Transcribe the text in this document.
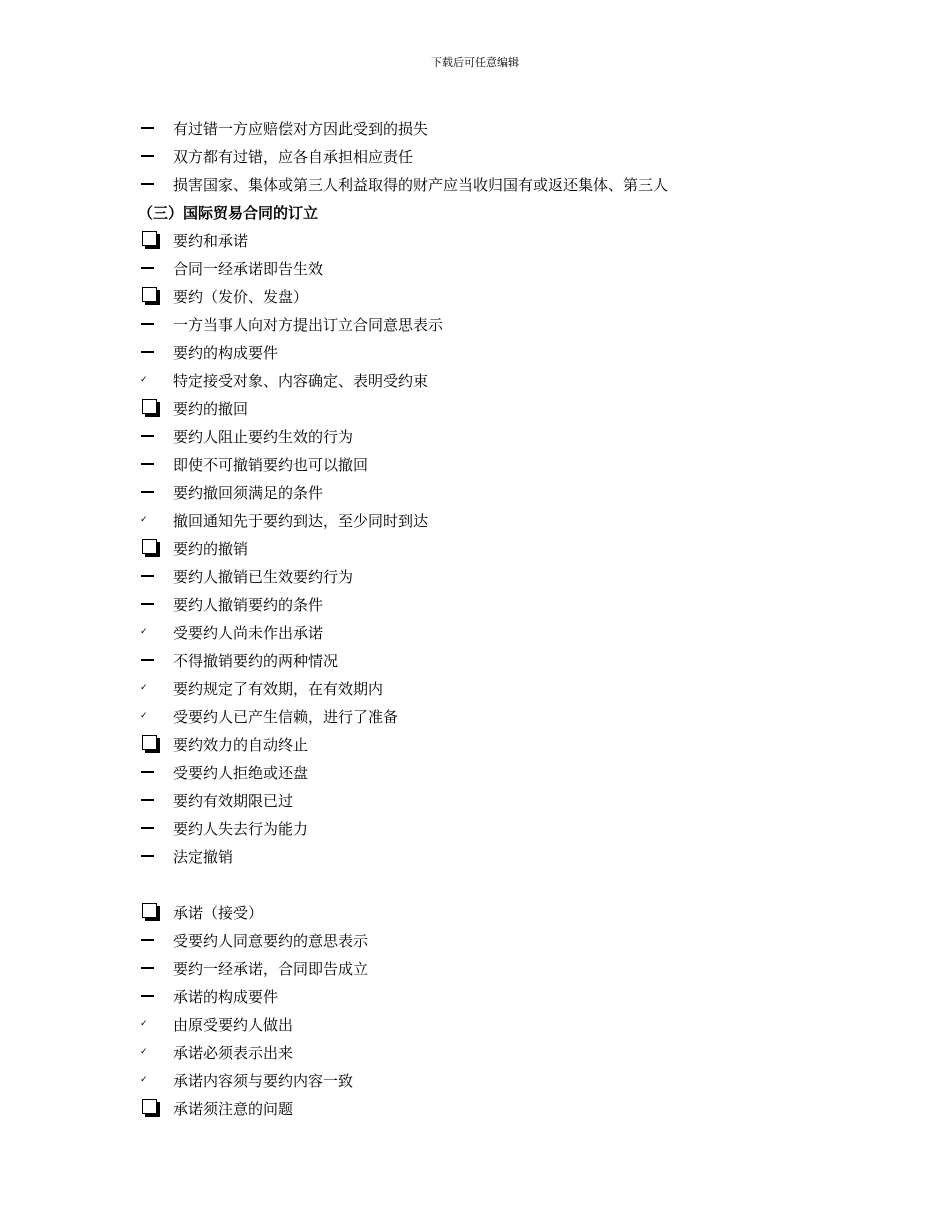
下载后可任意编辑
有过错一方应赔偿对方因此受到的损失
双方都有过错，应各自承担相应责任
损害国家、集体或第三人利益取得的财产应当收归国有或返还集体、第三人
（三）国际贸易合同的订立
要约和承诺
合同一经承诺即告生效
要约（发价、发盘）
一方当事人向对方提出订立合同意思表示
要约的构成要件
✓ 特定接受对象、内容确定、表明受约束
要约的撤回
要约人阻止要约生效的行为
即使不可撤销要约也可以撤回
要约撤回须满足的条件
✓ 撤回通知先于要约到达，至少同时到达
要约的撤销
要约人撤销已生效要约行为
要约人撤销要约的条件
✓ 受要约人尚未作出承诺
不得撤销要约的两种情况
✓ 要约规定了有效期，在有效期内
✓ 受要约人已产生信赖，进行了准备
要约效力的自动终止
受要约人拒绝或还盘
要约有效期限已过
要约人失去行为能力
法定撤销
承诺（接受）
受要约人同意要约的意思表示
要约一经承诺，合同即告成立
承诺的构成要件
✓ 由原受要约人做出
✓ 承诺必须表示出来
✓ 承诺内容须与要约内容一致
承诺须注意的问题
